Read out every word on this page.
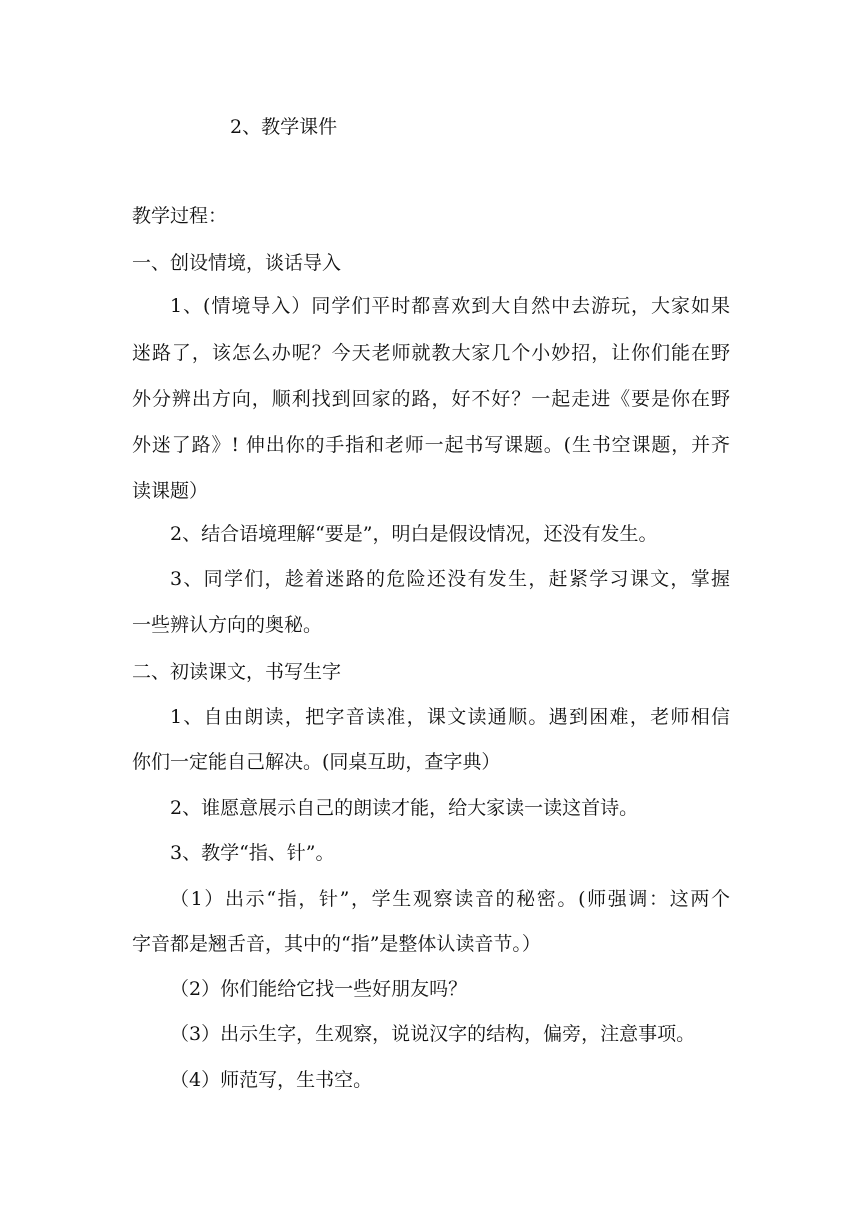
2、教学课件
教学过程：
一、创设情境，谈话导入
1、(情境导入）同学们平时都喜欢到大自然中去游玩，大家如果
迷路了，该怎么办呢？今天老师就教大家几个小妙招，让你们能在野
外分辨出方向，顺利找到回家的路，好不好？一起走进《要是你在野
外迷了路》! 伸出你的手指和老师一起书写课题。(生书空课题，并齐
读课题）
2、结合语境理解“要是”，明白是假设情况，还没有发生。
3、同学们，趁着迷路的危险还没有发生，赶紧学习课文，掌握
一些辨认方向的奥秘。
二、初读课文，书写生字
1、自由朗读，把字音读准，课文读通顺。遇到困难，老师相信
你们一定能自己解决。(同桌互助，查字典）
2、谁愿意展示自己的朗读才能，给大家读一读这首诗。
3、教学“指、针”。
（1）出示“指，针”，学生观察读音的秘密。(师强调：这两个
字音都是翘舌音，其中的“指”是整体认读音节。）
（2）你们能给它找一些好朋友吗？
（3）出示生字，生观察，说说汉字的结构，偏旁，注意事项。
（4）师范写，生书空。
